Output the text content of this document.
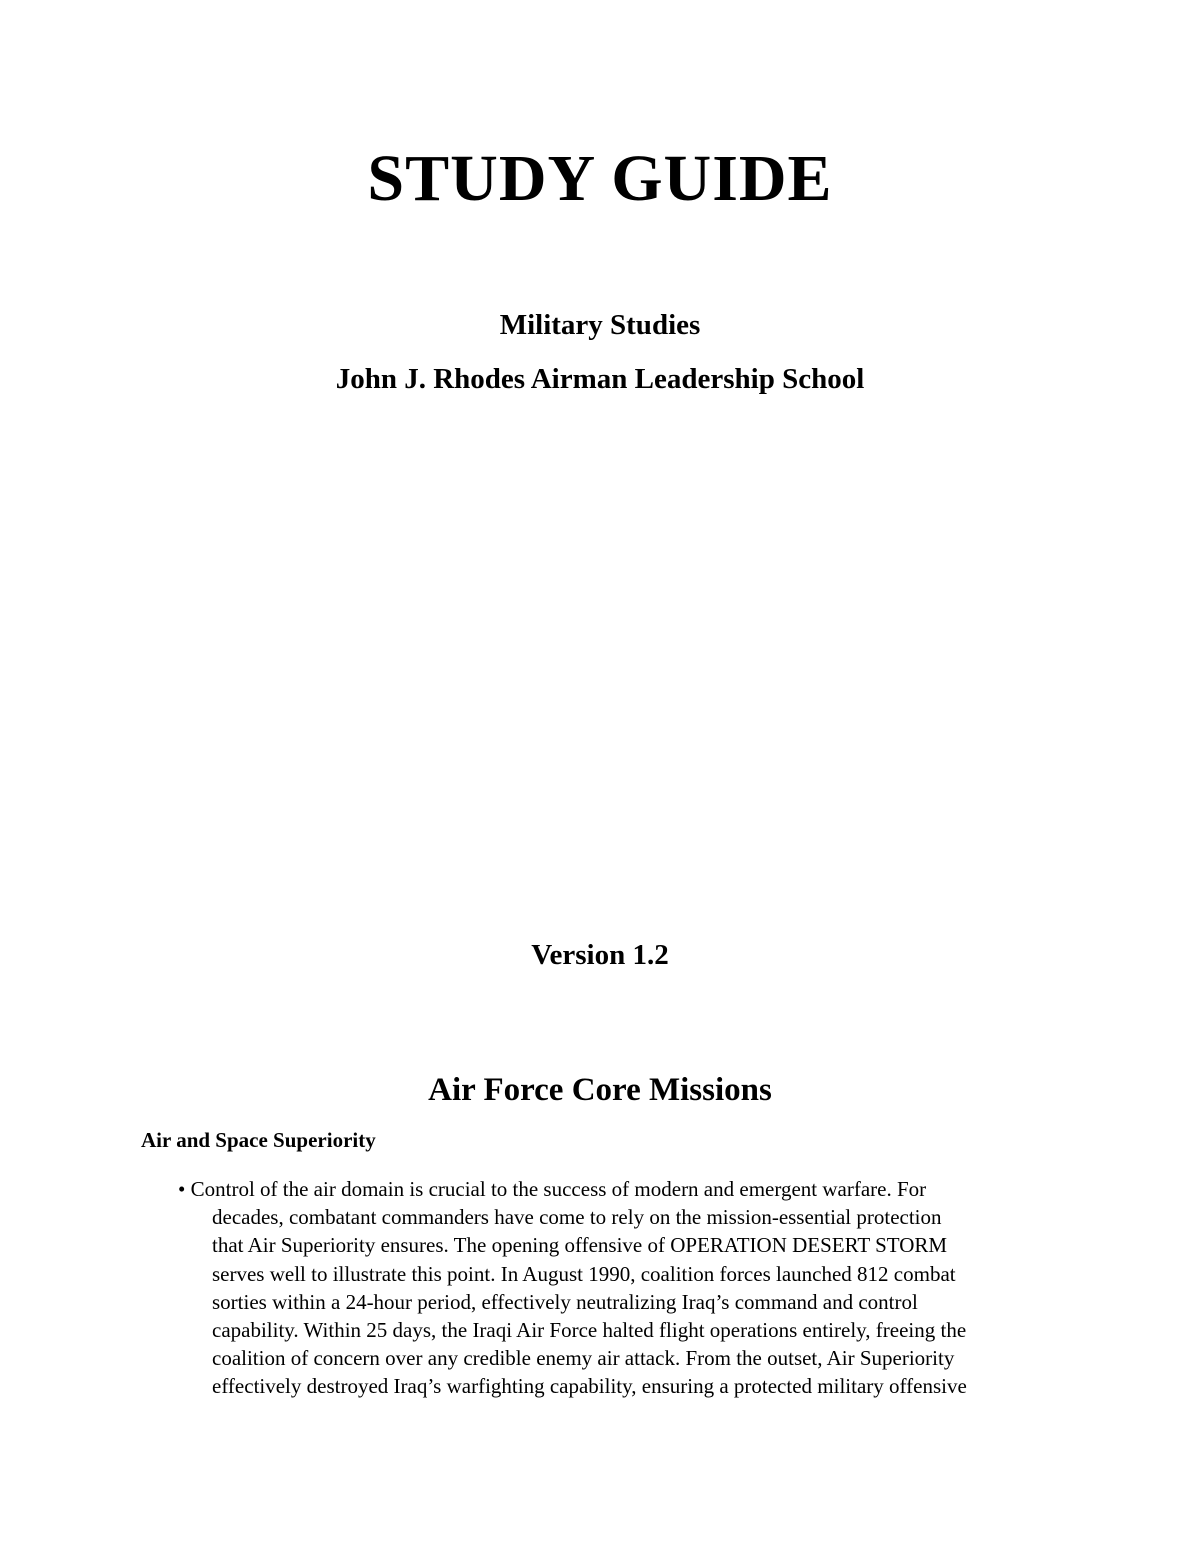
STUDY GUIDE
Military Studies
John J. Rhodes Airman Leadership School
Version 1.2
Air Force Core Missions
Air and Space Superiority
• Control of the air domain is crucial to the success of modern and emergent warfare. For
decades, combatant commanders have come to rely on the mission-essential protection
that Air Superiority ensures. The opening offensive of OPERATION DESERT STORM
serves well to illustrate this point. In August 1990, coalition forces launched 812 combat
sorties within a 24-hour period, effectively neutralizing Iraq’s command and control
capability. Within 25 days, the Iraqi Air Force halted flight operations entirely, freeing the
coalition of concern over any credible enemy air attack. From the outset, Air Superiority
effectively destroyed Iraq’s warfighting capability, ensuring a protected military offensive
